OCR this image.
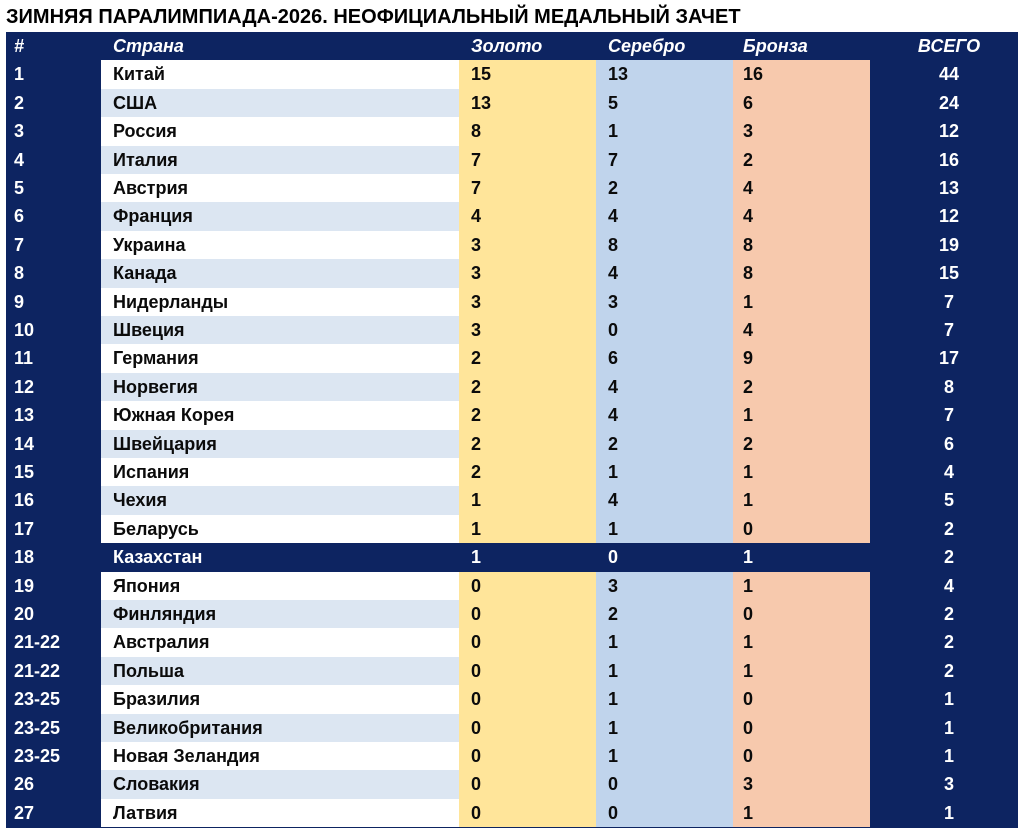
ЗИМНЯЯ ПАРАЛИМПИАДА-2026. НЕОФИЦИАЛЬНЫЙ МЕДАЛЬНЫЙ ЗАЧЕТ
#	Страна	Золото	Серебро	Бронза	ВСЕГО
1	Китай	15	13	16	44
2	США	13	5	6	24
3	Россия	8	1	3	12
4	Италия	7	7	2	16
5	Австрия	7	2	4	13
6	Франция	4	4	4	12
7	Украина	3	8	8	19
8	Канада	3	4	8	15
9	Нидерланды	3	3	1	7
10	Швеция	3	0	4	7
11	Германия	2	6	9	17
12	Норвегия	2	4	2	8
13	Южная Корея	2	4	1	7
14	Швейцария	2	2	2	6
15	Испания	2	1	1	4
16	Чехия	1	4	1	5
17	Беларусь	1	1	0	2
18	Казахстан	1	0	1	2
19	Япония	0	3	1	4
20	Финляндия	0	2	0	2
21-22	Австралия	0	1	1	2
21-22	Польша	0	1	1	2
23-25	Бразилия	0	1	0	1
23-25	Великобритания	0	1	0	1
23-25	Новая Зеландия	0	1	0	1
26	Словакия	0	0	3	3
27	Латвия	0	0	1	1
